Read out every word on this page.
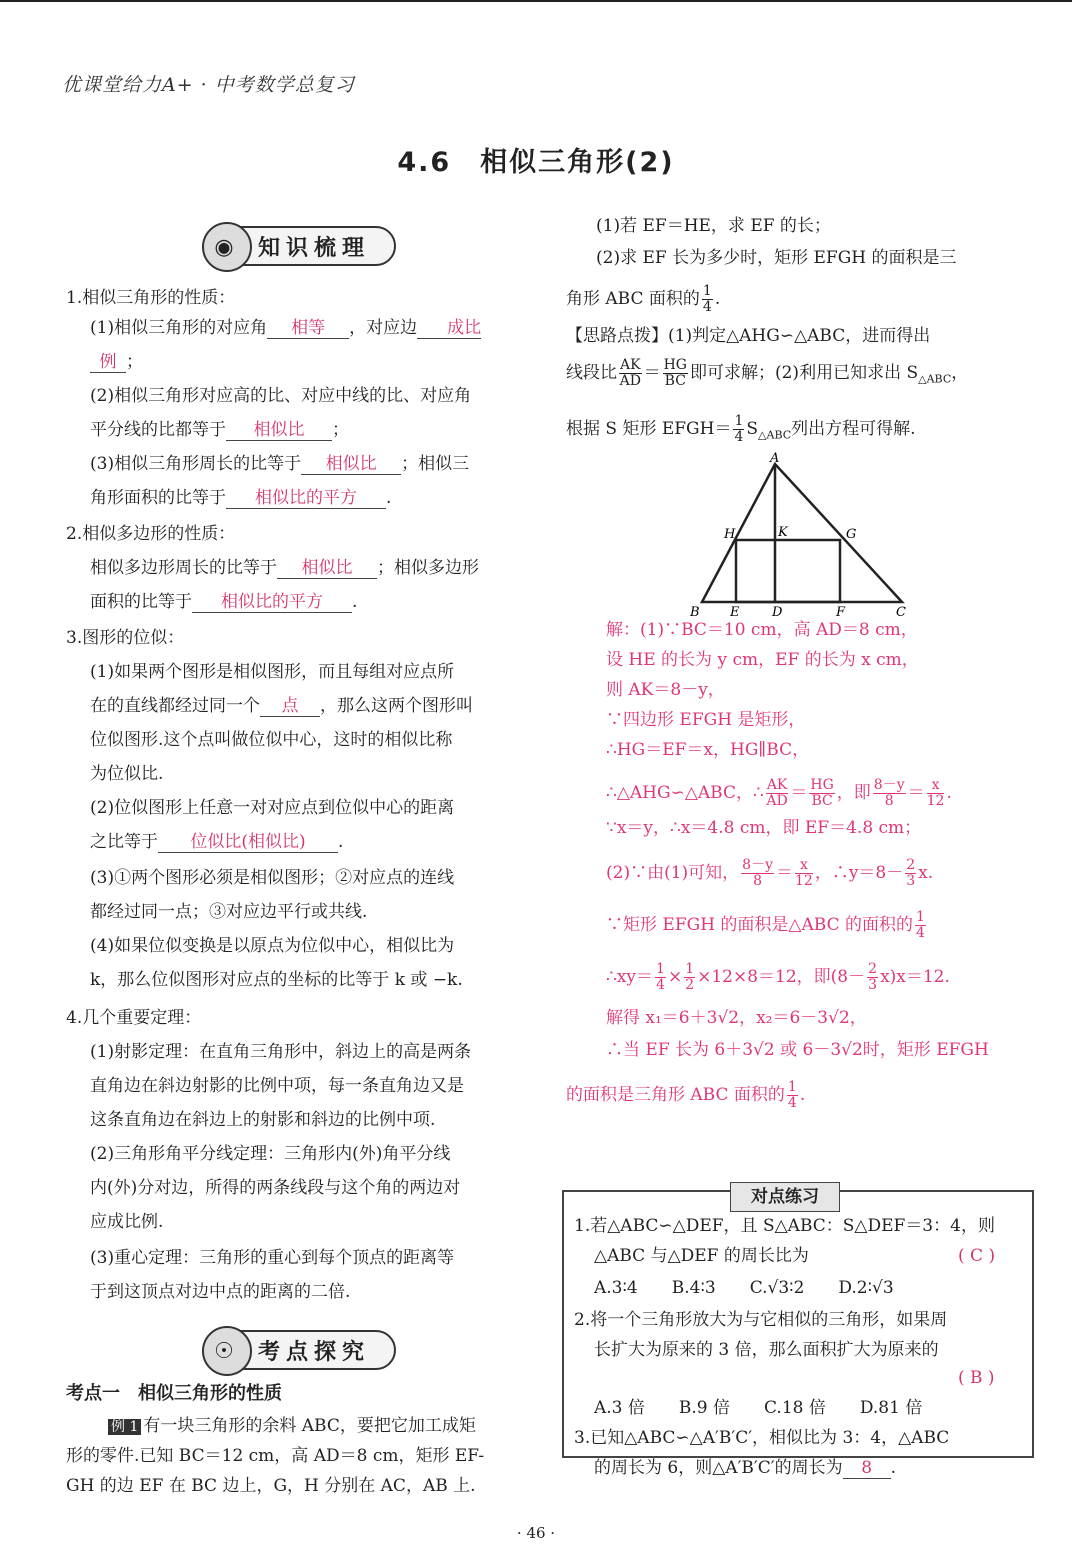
优课堂给力A+ · 中考数学总复习
4.6　相似三角形(2)
◉ 知识梳理
1.相似三角形的性质：
(1)相似三角形的对应角 相等 ，对应边 成比
例 ；
(2)相似三角形对应高的比、对应中线的比、对应角
平分线的比都等于 相似比 ；
(3)相似三角形周长的比等于 相似比 ；相似三
角形面积的比等于 相似比的平方 .
2.相似多边形的性质：
相似多边形周长的比等于 相似比 ；相似多边形
面积的比等于 相似比的平方 .
3.图形的位似：
(1)如果两个图形是相似图形，而且每组对应点所
在的直线都经过同一个 点 ，那么这两个图形叫
位似图形.这个点叫做位似中心，这时的相似比称
为位似比.
(2)位似图形上任意一对对应点到位似中心的距离
之比等于 位似比(相似比) .
(3)①两个图形必须是相似图形；②对应点的连线
都经过同一点；③对应边平行或共线.
(4)如果位似变换是以原点为位似中心，相似比为
k，那么位似图形对应点的坐标的比等于 k 或 −k.
4.几个重要定理：
(1)射影定理：在直角三角形中，斜边上的高是两条
直角边在斜边射影的比例中项，每一条直角边又是
这条直角边在斜边上的射影和斜边的比例中项.
(2)三角形角平分线定理：三角形内(外)角平分线
内(外)分对边，所得的两条线段与这个角的两边对
应成比例.
(3)重心定理：三角形的重心到每个顶点的距离等
于到这顶点对边中点的距离的二倍.
☉ 考点探究
考点一　相似三角形的性质
例 1 有一块三角形的余料 ABC，要把它加工成矩
形的零件.已知 BC＝12 cm，高 AD＝8 cm，矩形 EF-
GH 的边 EF 在 BC 边上，G，H 分别在 AC，AB 上.
(1)若 EF＝HE，求 EF 的长；
(2)求 EF 长为多少时，矩形 EFGH 的面积是三
角形 ABC 面积的 $\frac{1}{4}$ .
【思路点拨】(1)判定△AHG∽△ABC，进而得出
线段比 $\frac{AK}{AD} = \frac{HG}{BC}$ 即可求解；(2)利用已知求出 $S_{\triangle ABC}$，
根据 S 矩形 EFGH＝ $\frac{1}{4} S_{\triangle ABC}$列出方程可得解.
A
B	C
D
E	F
G
H	K
解：(1)∵BC＝10 cm，高 AD＝8 cm，
设 HE 的长为 y cm，EF 的长为 x cm，
则 AK＝8－y，
∵四边形 EFGH 是矩形，
∴HG＝EF＝x，HG∥BC，
∴△AHG∽△ABC，∴ $\frac{AK}{AD} = \frac{HG}{BC}$ ，即 $\frac{8-y}{8} = \frac{x}{12}$ .
∵x＝y，∴x＝4.8 cm，即 EF＝4.8 cm；
(2)∵由(1)可知， $\frac{8-y}{8} = \frac{x}{12}$ ，∴y＝8－ $\frac{2}{3} x$.
∵矩形 EFGH 的面积是△ABC 的面积的 $\frac{1}{4}$
∴xy＝ $\frac{1}{4} \times \frac{1}{2} \times 12\times 8=12$，即$(8- \frac{2}{3} x)x=12$.
解得 x₁＝6＋3√2，x₂＝6－3√2，
∴当 EF 长为 6＋3√2 或 6－3√2时，矩形 EFGH
的面积是三角形 ABC 面积的 $\frac{1}{4}$ .
对点练习
1.若△ABC∽△DEF，且 S△ABC：S△DEF＝3：4，则
△ABC 与△DEF 的周长比为	( C )
A.3∶4　　B.4∶3　　C.√3∶2　　D.2∶√3
2.将一个三角形放大为与它相似的三角形，如果周
长扩大为原来的 3 倍，那么面积扩大为原来的
( B )
A.3 倍　　B.9 倍　　C.18 倍　　D.81 倍
3.已知△ABC∽△A′B′C′，相似比为 3：4，△ABC
的周长为 6，则△A′B′C′的周长为 8 .
· 46 ·
